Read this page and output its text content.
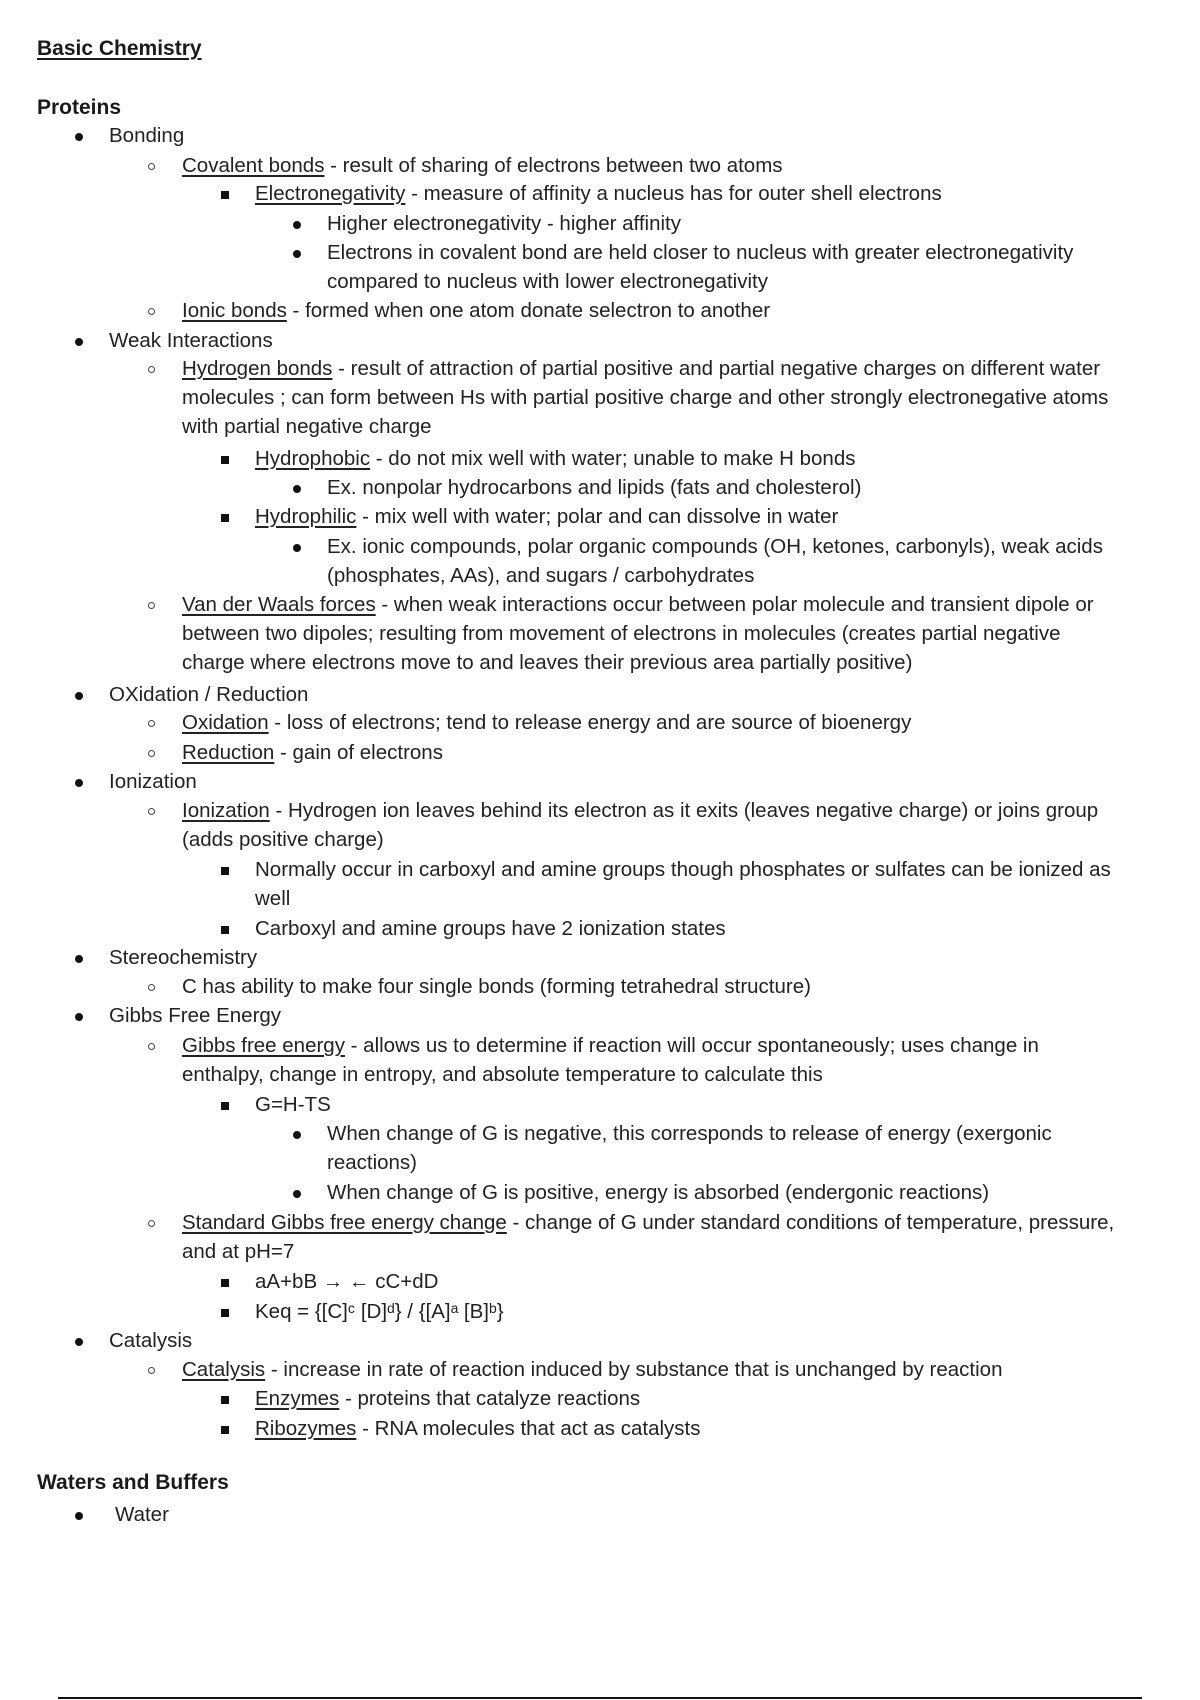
Basic Chemistry
Proteins
Waters and Buffers
Bonding
Covalent bonds - result of sharing of electrons between two atoms
Electronegativity - measure of affinity a nucleus has for outer shell electrons
Higher electronegativity - higher affinity
Electrons in covalent bond are held closer to nucleus with greater electronegativity
compared to nucleus with lower electronegativity
Ionic bonds - formed when one atom donate selectron to another
Weak Interactions
Hydrogen bonds - result of attraction of partial positive and partial negative charges on different water
molecules ; can form between Hs with partial positive charge and other strongly electronegative atoms
with partial negative charge
Hydrophobic - do not mix well with water; unable to make H bonds
Ex. nonpolar hydrocarbons and lipids (fats and cholesterol)
Hydrophilic - mix well with water; polar and can dissolve in water
Ex. ionic compounds, polar organic compounds (OH, ketones, carbonyls), weak acids
(phosphates, AAs), and sugars / carbohydrates
Van der Waals forces - when weak interactions occur between polar molecule and transient dipole or
between two dipoles; resulting from movement of electrons in molecules (creates partial negative
charge where electrons move to and leaves their previous area partially positive)
OXidation / Reduction
Oxidation - loss of electrons; tend to release energy and are source of bioenergy
Reduction - gain of electrons
Ionization
Ionization - Hydrogen ion leaves behind its electron as it exits (leaves negative charge) or joins group
(adds positive charge)
Normally occur in carboxyl and amine groups though phosphates or sulfates can be ionized as
well
Carboxyl and amine groups have 2 ionization states
Stereochemistry
C has ability to make four single bonds (forming tetrahedral structure)
Gibbs Free Energy
Gibbs free energy - allows us to determine if reaction will occur spontaneously; uses change in
enthalpy, change in entropy, and absolute temperature to calculate this
G=H-TS
When change of G is negative, this corresponds to release of energy (exergonic
reactions)
When change of G is positive, energy is absorbed (endergonic reactions)
Standard Gibbs free energy change - change of G under standard conditions of temperature, pressure,
and at pH=7
aA+bB → ← cC+dD
Keq = {[C]ᶜ [D]ᵈ} / {[A]ᵃ [B]ᵇ}
Catalysis
Catalysis - increase in rate of reaction induced by substance that is unchanged by reaction
Enzymes - proteins that catalyze reactions
Ribozymes - RNA molecules that act as catalysts
Water
